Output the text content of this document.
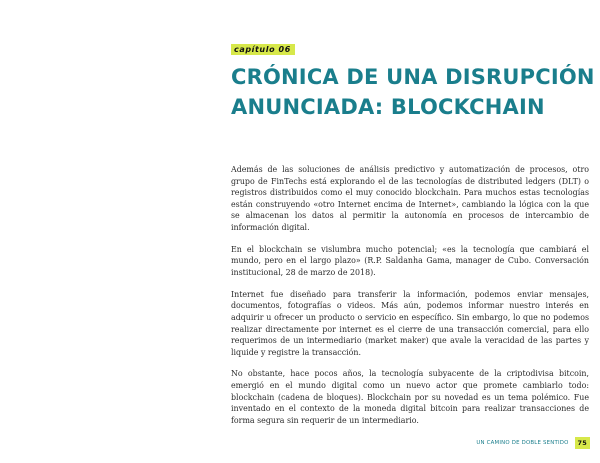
capítulo 06
CRÓNICA DE UNA DISRUPCIÓN
ANUNCIADA: BLOCKCHAIN

Además de las soluciones de análisis predictivo y automatización de procesos, otro grupo de FinTechs está explorando el de las tecnologías de distributed ledgers (DLT) o registros distribuidos como el muy conocido blockchain. Para muchos estas tecnologías están construyendo «otro Internet encima de Internet», cambiando la lógica con la que se almacenan los datos al permitir la autonomía en procesos de intercambio de información digital.

En el blockchain se vislumbra mucho potencial; «es la tecnología que cambiará el mundo, pero en el largo plazo» (R.P. Saldanha Gama, manager de Cubo. Conversación institucional, 28 de marzo de 2018).

Internet fue diseñado para transferir la información, podemos enviar mensajes, documentos, fotografías o videos. Más aún, podemos informar nuestro interés en adquirir u ofrecer un producto o servicio en específico. Sin embargo, lo que no podemos realizar directamente por internet es el cierre de una transacción comercial, para ello requerimos de un intermediario (market maker) que avale la veracidad de las partes y liquide y registre la transacción.

No obstante, hace pocos años, la tecnología subyacente de la criptodivisa bitcoin, emergió en el mundo digital como un nuevo actor que promete cambiarlo todo: blockchain (cadena de bloques). Blockchain por su novedad es un tema polémico. Fue inventado en el contexto de la moneda digital bitcoin para realizar transacciones de forma segura sin requerir de un intermediario.

UN CAMINO DE DOBLE SENTIDO	75
